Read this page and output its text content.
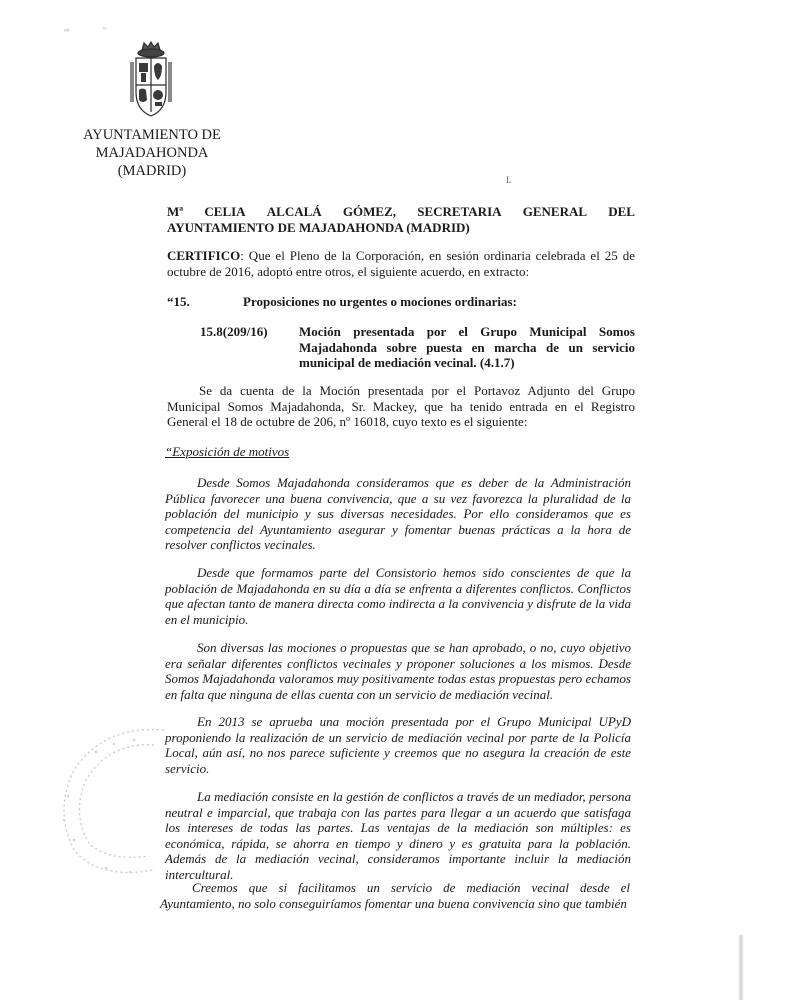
°⁰	“
AYUNTAMIENTO DE
MAJADAHONDA
(MADRID)
L
Mª CELIA ALCALÁ GÓMEZ, SECRETARIA GENERAL DEL
AYUNTAMIENTO DE MAJADAHONDA (MADRID)
CERTIFICO: Que el Pleno de la Corporación, en sesión ordinaria celebrada el 25 de octubre de 2016, adoptó entre otros, el siguiente acuerdo, en extracto:
“15.	Proposiciones no urgentes o mociones ordinarias:
15.8(209/16)	Moción presentada por el Grupo Municipal Somos Majadahonda sobre puesta en marcha de un servicio municipal de mediación vecinal. (4.1.7)
Se da cuenta de la Moción presentada por el Portavoz Adjunto del Grupo Municipal Somos Majadahonda, Sr. Mackey, que ha tenido entrada en el Registro General el 18 de octubre de 206, nº 16018, cuyo texto es el siguiente:
“Exposición de motivos
Desde Somos Majadahonda consideramos que es deber de la Administración Pública favorecer una buena convivencia, que a su vez favorezca la pluralidad de la población del municipio y sus diversas necesidades. Por ello consideramos que es competencia del Ayuntamiento asegurar y fomentar buenas prácticas a la hora de resolver conflictos vecinales.
Desde que formamos parte del Consistorio hemos sido conscientes de que la población de Majadahonda en su día a día se enfrenta a diferentes conflictos. Conflictos que afectan tanto de manera directa como indirecta a la convivencia y disfrute de la vida en el municipio.
Son diversas las mociones o propuestas que se han aprobado, o no, cuyo objetivo era señalar diferentes conflictos vecinales y proponer soluciones a los mismos. Desde Somos Majadahonda valoramos muy positivamente todas estas propuestas pero echamos en falta que ninguna de ellas cuenta con un servicio de mediación vecinal.
En 2013 se aprueba una moción presentada por el Grupo Municipal UPyD proponiendo la realización de un servicio de mediación vecinal por parte de la Policía Local, aún así, no nos parece suficiente y creemos que no asegura la creación de este servicio.
La mediación consiste en la gestión de conflictos a través de un mediador, persona neutral e imparcial, que trabaja con las partes para llegar a un acuerdo que satisfaga los intereses de todas las partes. Las ventajas de la mediación son múltiples: es económica, rápida, se ahorra en tiempo y dinero y es gratuita para la población. Además de la mediación vecinal, consideramos importante incluir la mediación intercultural.
Creemos que si facilitamos un servicio de mediación vecinal desde el Ayuntamiento, no solo conseguiríamos fomentar una buena convivencia sino que también
